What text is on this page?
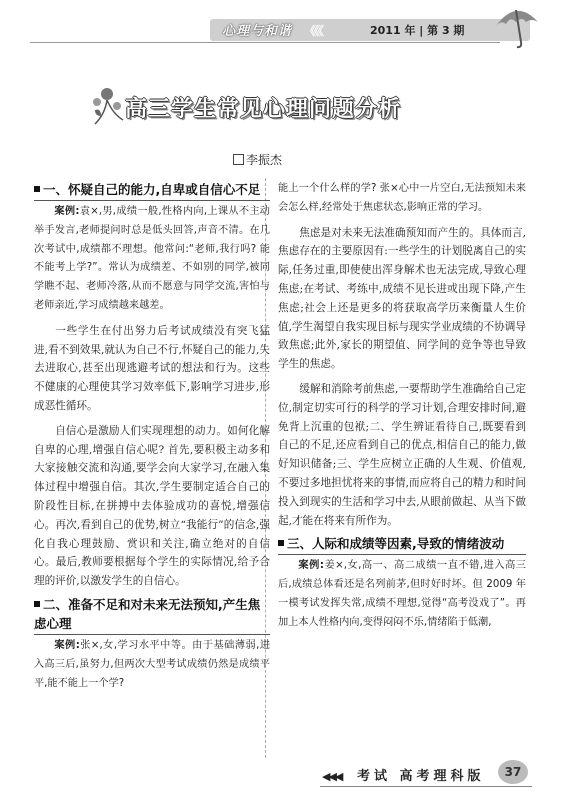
心理与和谐 《《《	2011 年 | 第 3 期
高三学生常见心理问题分析
李振杰
一、怀疑自己的能力,自卑或自信心不足

案例:袁×,男,成绩一般,性格内向,上课从不主动举手发言,老师提问时总是低头回答,声音不清。在几次考试中,成绩都不理想。他常问:“老师,我行吗? 能不能考上学?”。常认为成绩差、不如别的同学,被同学瞧不起、老师冷落,从而不愿意与同学交流,害怕与老师亲近,学习成绩越来越差。

一些学生在付出努力后考试成绩没有突飞猛进,看不到效果,就认为自己不行,怀疑自己的能力,失去进取心,甚至出现逃避考试的想法和行为。这些不健康的心理使其学习效率低下,影响学习进步,形成恶性循环。

自信心是激励人们实现理想的动力。如何化解自卑的心理,增强自信心呢? 首先,要积极主动多和大家接触交流和沟通,要学会向大家学习,在融入集体过程中增强自信。其次,学生要制定适合自己的阶段性目标,在拼搏中去体验成功的喜悦,增强信心。再次,看到自己的优势,树立“我能行”的信念,强化自我心理鼓励、赏识和关注,确立绝对的自信心。最后,教师要根据每个学生的实际情况,给予合理的评价,以激发学生的自信心。

二、准备不足和对未来无法预知,产生焦虑心理

案例:张×,女,学习水平中等。由于基础薄弱,进入高三后,虽努力,但两次大型考试成绩仍然是成绩平平,能不能上一个学?

能上一个什么样的学? 张×心中一片空白,无法预知未来会怎么样,经常处于焦虑状态,影响正常的学习。

焦虑是对未来无法准确预知而产生的。具体而言,焦虑存在的主要原因有:一些学生的计划脱离自己的实际,任务过重,即使使出浑身解术也无法完成,导致心理焦虑;在考试、考练中,成绩不见长进或出现下降,产生焦虑;社会上还是更多的将获取高学历来衡量人生价值,学生渴望自我实现目标与现实学业成绩的不协调导致焦虑;此外,家长的期望值、同学间的竞争等也导致学生的焦虑。

缓解和消除考前焦虑,一要帮助学生准确给自己定位,制定切实可行的科学的学习计划,合理安排时间,避免背上沉重的包袱;二、学生辨证看待自己,既要看到自己的不足,还应看到自己的优点,相信自己的能力,做好知识储备;三、学生应树立正确的人生观、价值观,不要过多地担忧将来的事情,而应将自己的精力和时间投入到现实的生活和学习中去,从眼前做起、从当下做起,才能在将来有所作为。

三、人际和成绩等因素,导致的情绪波动

案例:姜×,女,高一、高二成绩一直不错,进入高三后,成绩总体看还是名列前茅,但时好时坏。但 2009 年一模考试发挥失常,成绩不理想,觉得“高考没戏了”。再加上本人性格内向,变得闷闷不乐,情绪陷于低潮,

◀◀◀ 考试 高考理科版	37
